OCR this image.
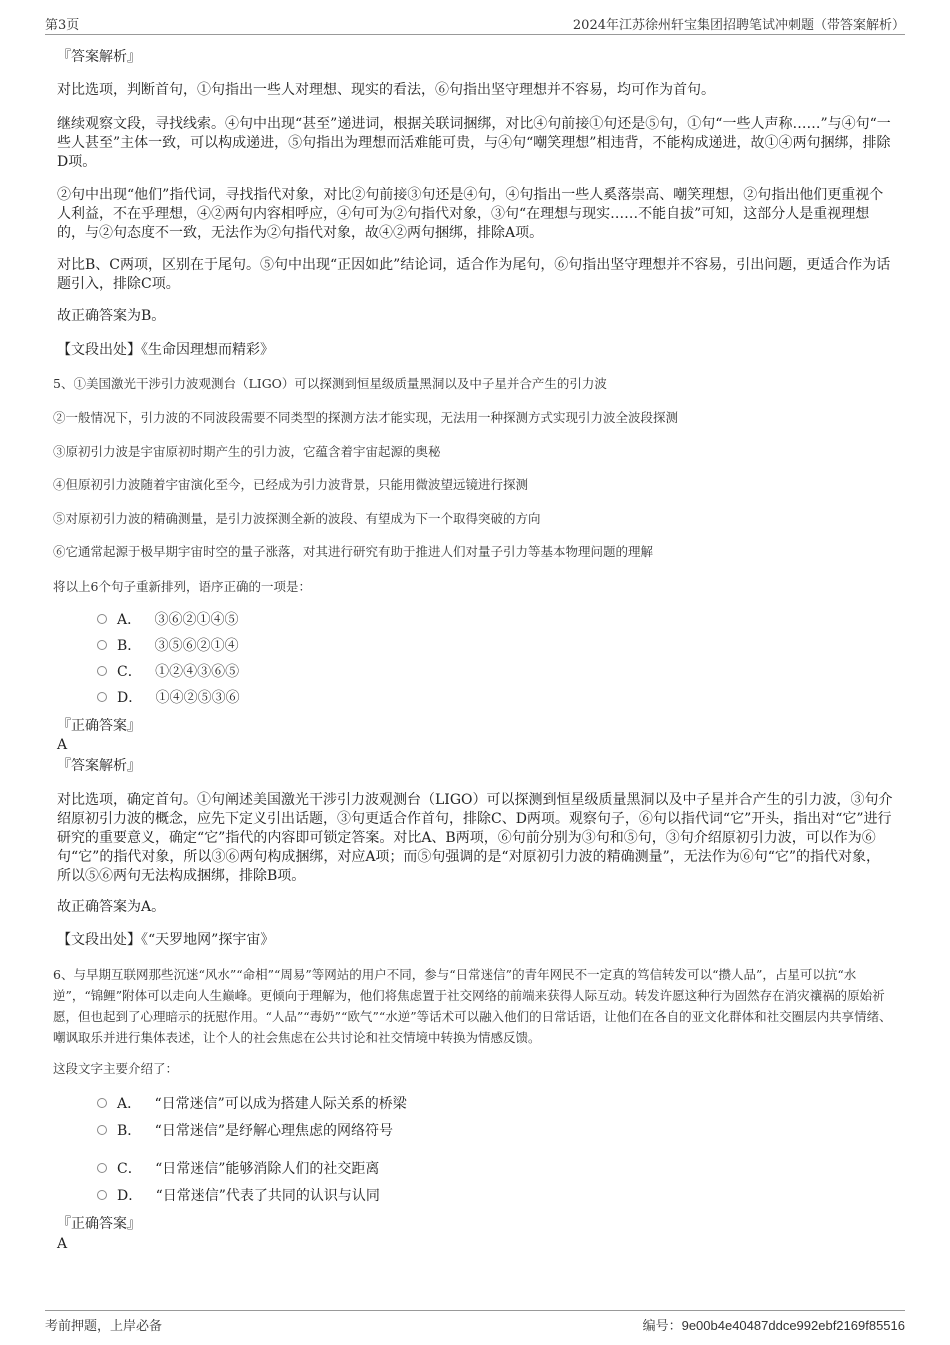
第3页	2024年江苏徐州轩宝集团招聘笔试冲刺题（带答案解析）
『答案解析』
对比选项，判断首句，①句指出一些人对理想、现实的看法，⑥句指出坚守理想并不容易，均可作为首句。
继续观察文段，寻找线索。④句中出现“甚至”递进词，根据关联词捆绑，对比④句前接①句还是⑤句，①句“一些人声称……”与④句“一些人甚至”主体一致，可以构成递进，⑤句指出为理想而活难能可贵，与④句“嘲笑理想”相违背，不能构成递进，故①④两句捆绑，排除D项。
②句中出现“他们”指代词，寻找指代对象，对比②句前接③句还是④句，④句指出一些人奚落崇高、嘲笑理想，②句指出他们更重视个人利益，不在乎理想，④②两句内容相呼应，④句可为②句指代对象，③句“在理想与现实……不能自拔”可知，这部分人是重视理想的，与②句态度不一致，无法作为②句指代对象，故④②两句捆绑，排除A项。
对比B、C两项，区别在于尾句。⑤句中出现“正因如此”结论词，适合作为尾句，⑥句指出坚守理想并不容易，引出问题，更适合作为话题引入，排除C项。
故正确答案为B。
【文段出处】《生命因理想而精彩》
5、①美国激光干涉引力波观测台（LIGO）可以探测到恒星级质量黑洞以及中子星并合产生的引力波
②一般情况下，引力波的不同波段需要不同类型的探测方法才能实现，无法用一种探测方式实现引力波全波段探测
③原初引力波是宇宙原初时期产生的引力波，它蕴含着宇宙起源的奥秘
④但原初引力波随着宇宙演化至今，已经成为引力波背景，只能用微波望远镜进行探测
⑤对原初引力波的精确测量，是引力波探测全新的波段、有望成为下一个取得突破的方向
⑥它通常起源于极早期宇宙时空的量子涨落，对其进行研究有助于推进人们对量子引力等基本物理问题的理解
将以上6个句子重新排列，语序正确的一项是：
A． ③⑥②①④⑤
B． ③⑤⑥②①④
C． ①②④③⑥⑤
D． ①④②⑤③⑥
『正确答案』
A
『答案解析』
对比选项，确定首句。①句阐述美国激光干涉引力波观测台（LIGO）可以探测到恒星级质量黑洞以及中子星并合产生的引力波，③句介绍原初引力波的概念，应先下定义引出话题，③句更适合作首句，排除C、D两项。观察句子，⑥句以指代词“它”开头，指出对“它”进行研究的重要意义，确定“它”指代的内容即可锁定答案。对比A、B两项，⑥句前分别为③句和⑤句，③句介绍原初引力波，可以作为⑥句“它”的指代对象，所以③⑥两句构成捆绑，对应A项；而⑤句强调的是“对原初引力波的精确测量”，无法作为⑥句“它”的指代对象，所以⑤⑥两句无法构成捆绑，排除B项。
故正确答案为A。
【文段出处】《“天罗地网”探宇宙》
6、与早期互联网那些沉迷“风水”“命相”“周易”等网站的用户不同，参与“日常迷信”的青年网民不一定真的笃信转发可以“攒人品”，占星可以抗“水逆”，“锦鲤”附体可以走向人生巅峰。更倾向于理解为，他们将焦虑置于社交网络的前端来获得人际互动。转发许愿这种行为固然存在消灾禳祸的原始祈愿，但也起到了心理暗示的抚慰作用。“人品”“毒奶”“欧气”“水逆”等话术可以融入他们的日常话语，让他们在各自的亚文化群体和社交圈层内共享情绪、嘲讽取乐并进行集体表述，让个人的社会焦虑在公共讨论和社交情境中转换为情感反馈。
这段文字主要介绍了：
A． “日常迷信”可以成为搭建人际关系的桥梁
B． “日常迷信”是纾解心理焦虑的网络符号
C． “日常迷信”能够消除人们的社交距离
D． “日常迷信”代表了共同的认识与认同
『正确答案』
A
考前押题，上岸必备	编号：9e00b4e40487ddce992ebf2169f85516
